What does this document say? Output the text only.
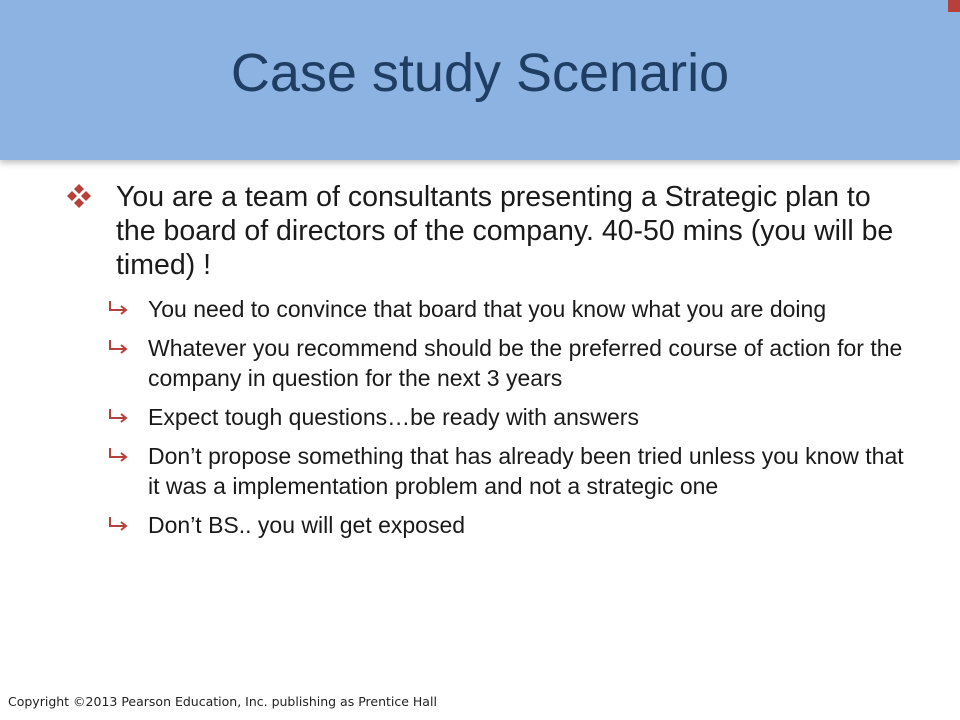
Case study Scenario
You are a team of consultants presenting a Strategic plan to the board of directors of the company. 40-50 mins (you will be timed) !
You need to convince that board that you know what you are doing
Whatever you recommend should be the preferred course of action for the company in question for the next 3 years
Expect tough questions…be ready with answers
Don’t propose something that has already been tried unless you know that it was a implementation problem and not a strategic one
Don’t BS.. you will get exposed
Copyright ©2013 Pearson Education, Inc. publishing as Prentice Hall
